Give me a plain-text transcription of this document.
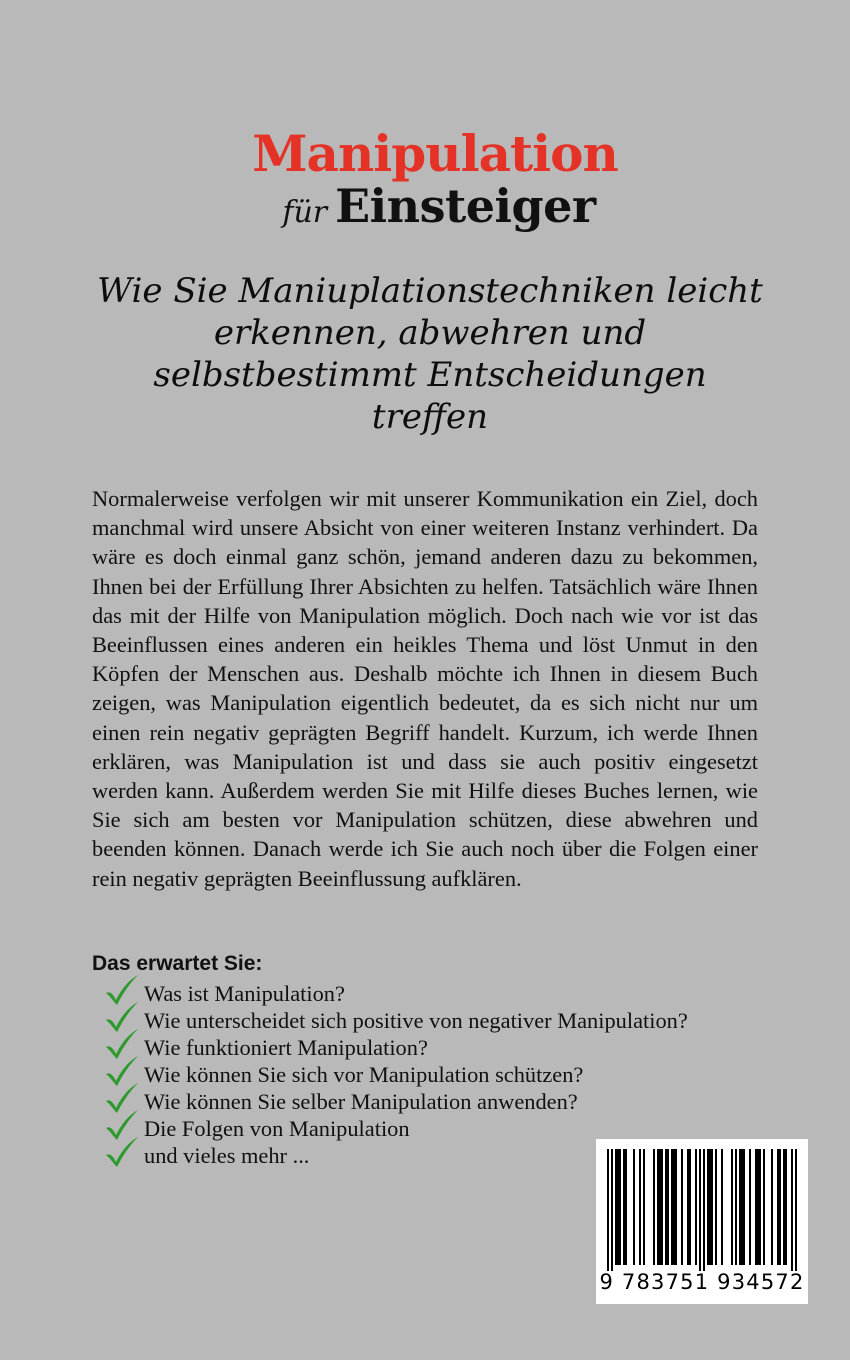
Manipulation
für Einsteiger
Wie Sie Maniuplationstechniken leicht erkennen, abwehren und selbstbestimmt Entscheidungen treffen

Normalerweise verfolgen wir mit unserer Kommunikation ein Ziel, doch manchmal wird unsere Absicht von einer weiteren Instanz verhindert. Da wäre es doch einmal ganz schön, jemand anderen dazu zu bekommen, Ihnen bei der Erfüllung Ihrer Absichten zu helfen. Tatsächlich wäre Ihnen das mit der Hilfe von Manipulation möglich. Doch nach wie vor ist das Beeinflussen eines anderen ein heikles Thema und löst Unmut in den Köpfen der Menschen aus. Deshalb möchte ich Ihnen in diesem Buch zeigen, was Manipulation eigentlich bedeutet, da es sich nicht nur um einen rein negativ geprägten Begriff handelt. Kurzum, ich werde Ihnen erklären, was Manipulation ist und dass sie auch positiv eingesetzt werden kann. Außerdem werden Sie mit Hilfe dieses Buches lernen, wie Sie sich am besten vor Manipulation schützen, diese abwehren und beenden können. Danach werde ich Sie auch noch über die Folgen einer rein negativ geprägten Beeinflussung aufklären.

Das erwartet Sie:
Was ist Manipulation?
Wie unterscheidet sich positive von negativer Manipulation?
Wie funktioniert Manipulation?
Wie können Sie sich vor Manipulation schützen?
Wie können Sie selber Manipulation anwenden?
Die Folgen von Manipulation
und vieles mehr ...
9 783751 934572
